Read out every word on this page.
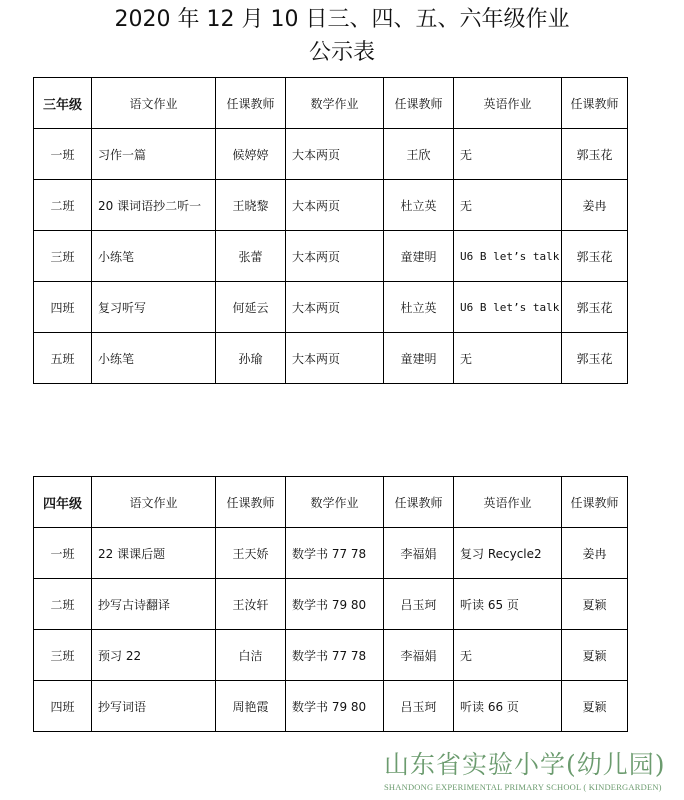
2020 年 12 月 10 日三、四、五、六年级作业
公示表
三年级	语文作业	任课教师	数学作业	任课教师	英语作业	任课教师
一班	习作一篇	候婷婷	大本两页	王欣	无	郭玉花
二班	20 课词语抄二听一	王晓黎	大本两页	杜立英	无	姜冉
三班	小练笔	张蕾	大本两页	童建明	U6 B let’s talk	郭玉花
四班	复习听写	何延云	大本两页	杜立英	U6 B let’s talk	郭玉花
五班	小练笔	孙瑜	大本两页	童建明	无	郭玉花
四年级	语文作业	任课教师	数学作业	任课教师	英语作业	任课教师
一班	22 课课后题	王天娇	数学书 77 78	李福娟	复习 Recycle2	姜冉
二班	抄写古诗翻译	王汝轩	数学书 79 80	吕玉珂	听读 65 页	夏颖
三班	预习 22	白洁	数学书 77 78	李福娟	无	夏颖
四班	抄写词语	周艳霞	数学书 79 80	吕玉珂	听读 66 页	夏颖
山东省实验小学(幼儿园)
SHANDONG EXPERIMENTAL PRIMARY SCHOOL ( KINDERGARDEN)
